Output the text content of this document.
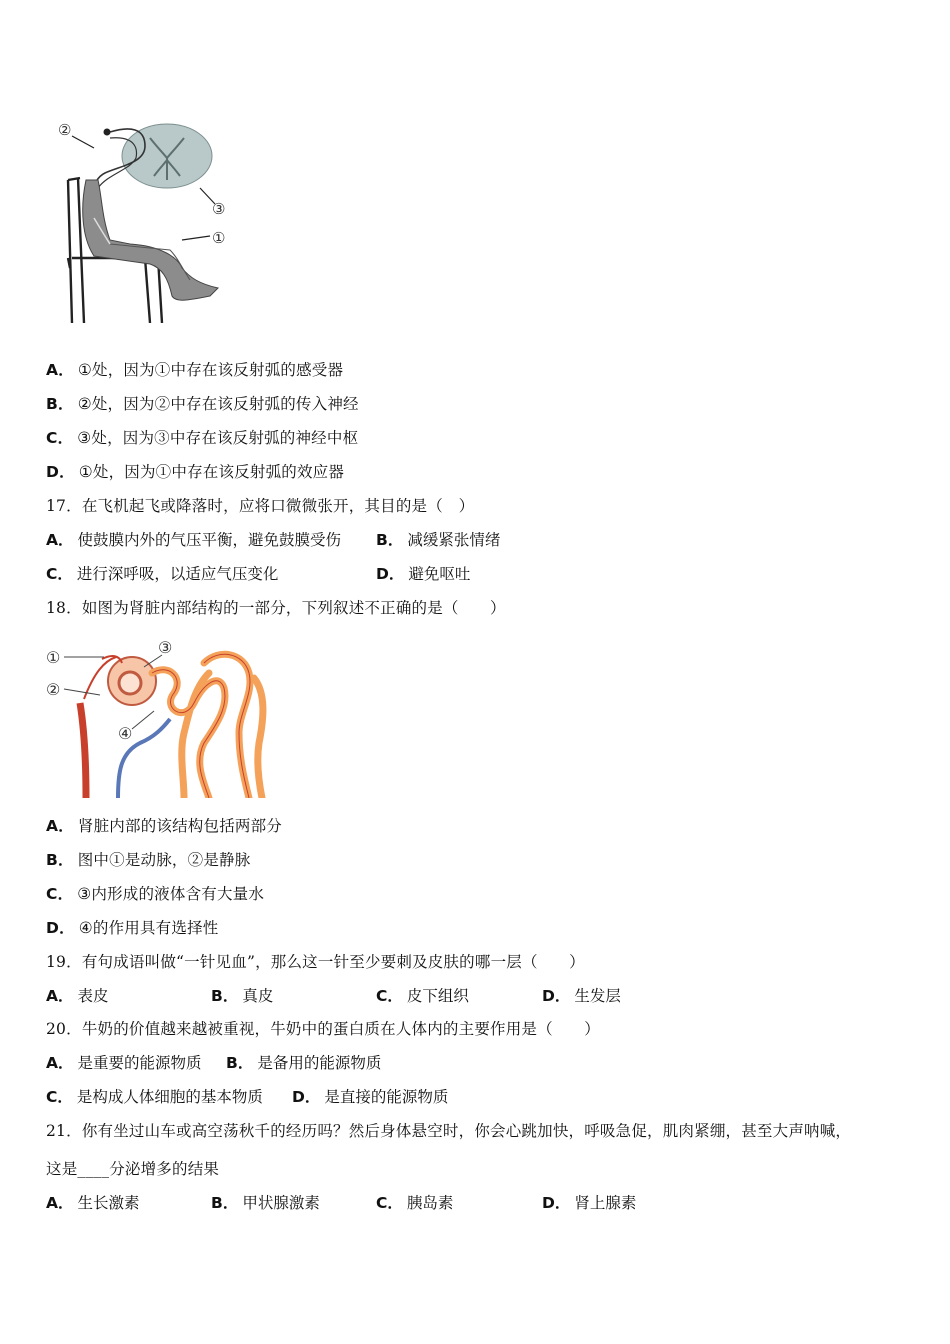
②
③
①
A． ①处，因为①中存在该反射弧的感受器
B． ②处，因为②中存在该反射弧的传入神经
C． ③处，因为③中存在该反射弧的神经中枢
D． ①处，因为①中存在该反射弧的效应器
17．在飞机起飞或降落时，应将口微微张开，其目的是（　）
A． 使鼓膜内外的气压平衡，避免鼓膜受伤 B． 减缓紧张情绪
C． 进行深呼吸，以适应气压变化	D． 避免呕吐
18．如图为肾脏内部结构的一部分，下列叙述不正确的是（　　）
①
②
③
④
A． 肾脏内部的该结构包括两部分
B． 图中①是动脉，②是静脉
C． ③内形成的液体含有大量水
D． ④的作用具有选择性
19．有句成语叫做“一针见血”，那么这一针至少要刺及皮肤的哪一层（　　）
A． 表皮	B． 真皮	C． 皮下组织	D． 生发层
20．牛奶的价值越来越被重视，牛奶中的蛋白质在人体内的主要作用是（　　）
A． 是重要的能源物质 B． 是备用的能源物质
C． 是构成人体细胞的基本物质 D． 是直接的能源物质
21．你有坐过山车或高空荡秋千的经历吗？然后身体悬空时，你会心跳加快，呼吸急促，肌肉紧绷，甚至大声呐喊，
这是____分泌增多的结果
A． 生长激素	B． 甲状腺激素	C． 胰岛素	D． 肾上腺素
